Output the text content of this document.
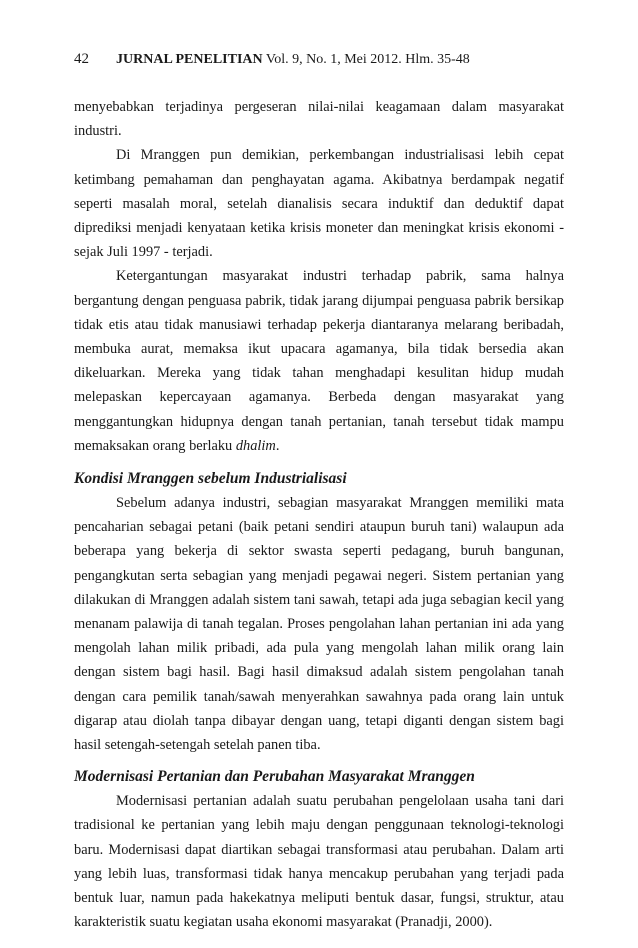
42 JURNAL PENELITIAN Vol. 9, No. 1, Mei 2012. Hlm. 35-48

menyebabkan terjadinya pergeseran nilai-nilai keagamaan dalam masyarakat industri.

Di Mranggen pun demikian, perkembangan industrialisasi lebih cepat ketimbang pemahaman dan penghayatan agama. Akibatnya berdampak negatif seperti masalah moral, setelah dianalisis secara induktif dan deduktif dapat diprediksi menjadi kenyataan ketika krisis moneter dan meningkat krisis ekonomi - sejak Juli 1997 - terjadi.

Ketergantungan masyarakat industri terhadap pabrik, sama halnya bergantung dengan penguasa pabrik, tidak jarang dijumpai penguasa pabrik bersikap tidak etis atau tidak manusiawi terhadap pekerja diantaranya melarang beribadah, membuka aurat, memaksa ikut upacara agamanya, bila tidak bersedia akan dikeluarkan. Mereka yang tidak tahan menghadapi kesulitan hidup mudah melepaskan kepercayaan agamanya. Berbeda dengan masyarakat yang menggantungkan hidupnya dengan tanah pertanian, tanah tersebut tidak mampu memaksakan orang berlaku dhalim.

Kondisi Mranggen sebelum Industrialisasi

Sebelum adanya industri, sebagian masyarakat Mranggen memiliki mata pencaharian sebagai petani (baik petani sendiri ataupun buruh tani) walaupun ada beberapa yang bekerja di sektor swasta seperti pedagang, buruh bangunan, pengangkutan serta sebagian yang menjadi pegawai negeri. Sistem pertanian yang dilakukan di Mranggen adalah sistem tani sawah, tetapi ada juga sebagian kecil yang menanam palawija di tanah tegalan. Proses pengolahan lahan pertanian ini ada yang mengolah lahan milik pribadi, ada pula yang mengolah lahan milik orang lain dengan sistem bagi hasil. Bagi hasil dimaksud adalah sistem pengolahan tanah dengan cara pemilik tanah/sawah menyerahkan sawahnya pada orang lain untuk digarap atau diolah tanpa dibayar dengan uang, tetapi diganti dengan sistem bagi hasil setengah-setengah setelah panen tiba.

Modernisasi Pertanian dan Perubahan Masyarakat Mranggen

Modernisasi pertanian adalah suatu perubahan pengelolaan usaha tani dari tradisional ke pertanian yang lebih maju dengan penggunaan teknologi-teknologi baru. Modernisasi dapat diartikan sebagai transformasi atau perubahan. Dalam arti yang lebih luas, transformasi tidak hanya mencakup perubahan yang terjadi pada bentuk luar, namun pada hakekatnya meliputi bentuk dasar, fungsi, struktur, atau karakteristik suatu kegiatan usaha ekonomi masyarakat (Pranadji, 2000).
